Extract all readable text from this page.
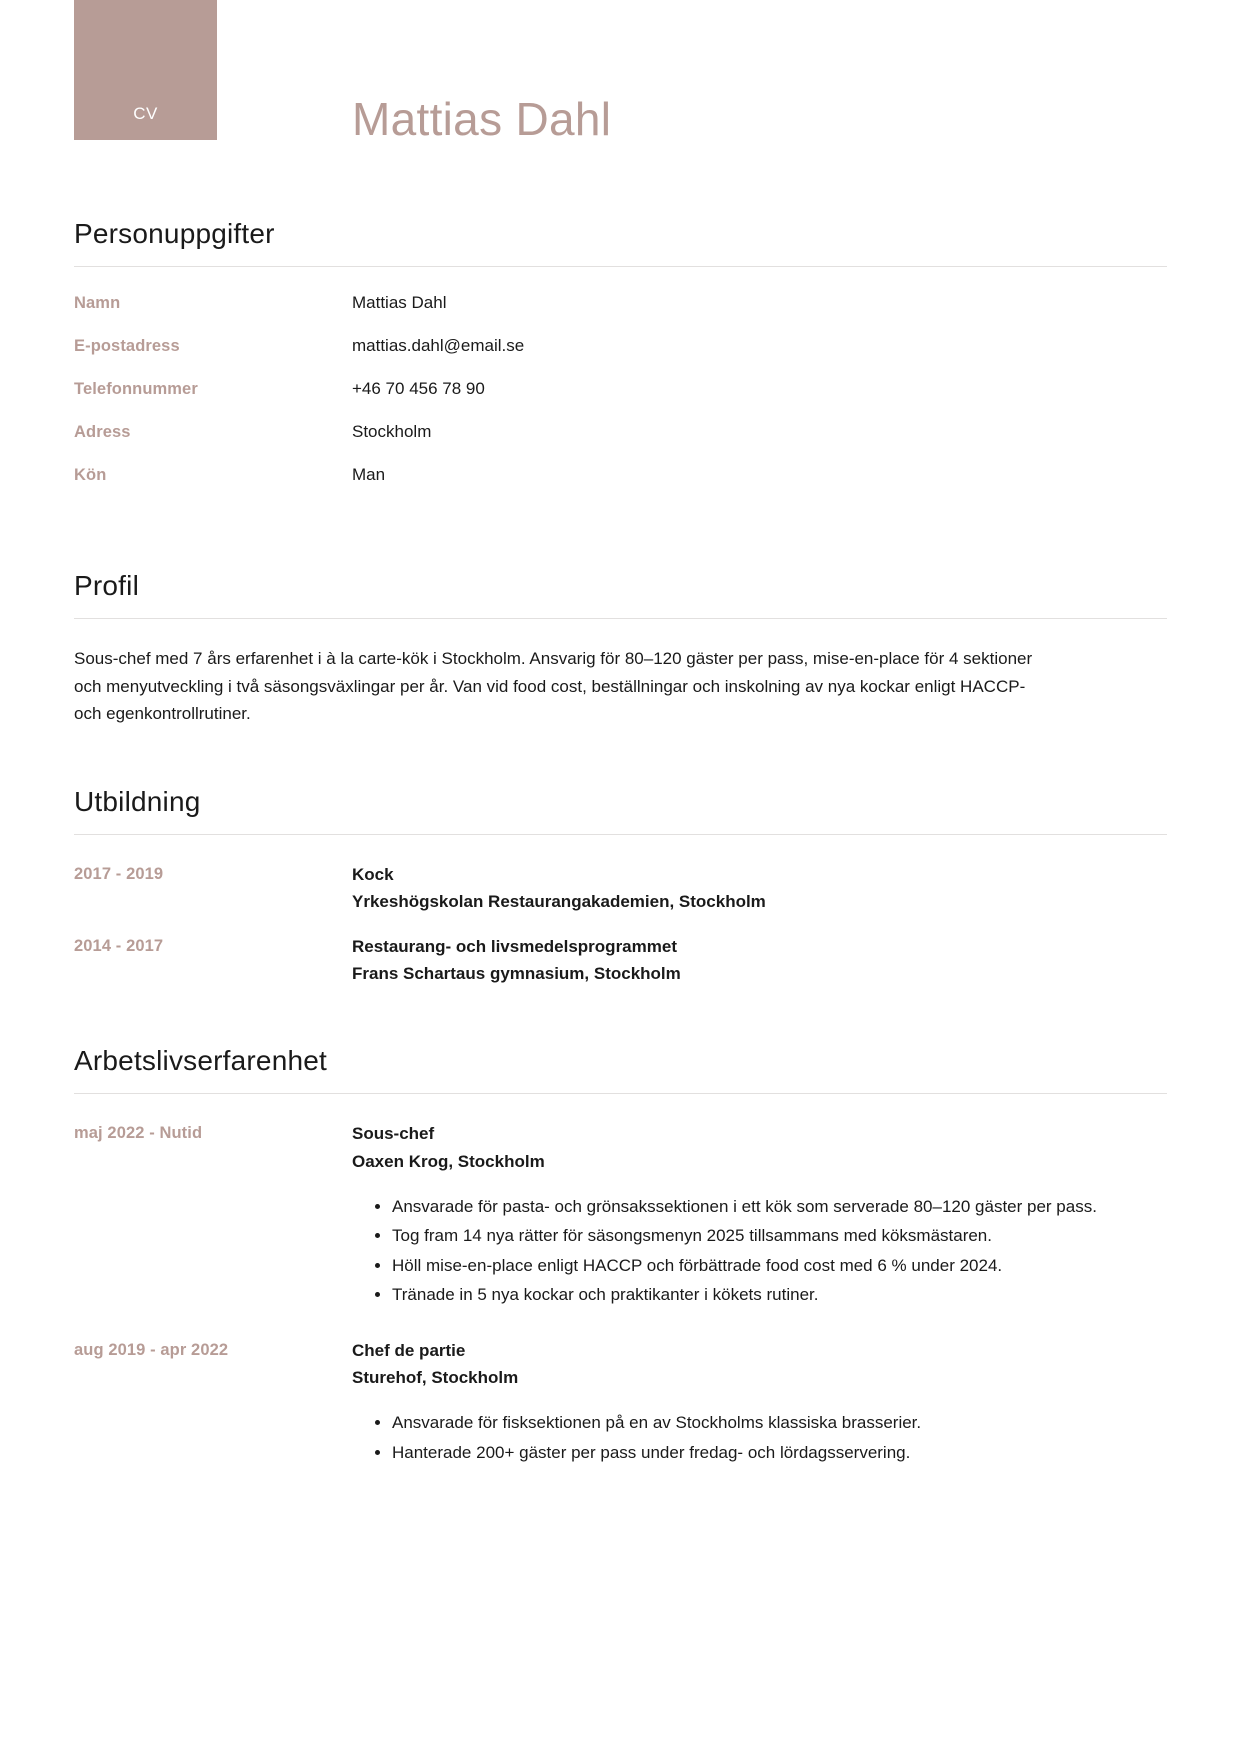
CV	Mattias Dahl
Personuppgifter
Namn	Mattias Dahl
E-postadress	mattias.dahl@email.se
Telefonnummer	+46 70 456 78 90
Adress	Stockholm
Kön	Man
Profil

Sous-chef med 7 års erfarenhet i à la carte-kök i Stockholm. Ansvarig för 80–120 gäster per pass, mise-en-place för 4 sektioner och menyutveckling i två säsongsväxlingar per år. Van vid food cost, beställningar och inskolning av nya kockar enligt HACCP- och egenkontrollrutiner.

Utbildning
2017 - 2019	Kock
Yrkeshögskolan Restaurangakademien, Stockholm
2014 - 2017	Restaurang- och livsmedelsprogrammet
Frans Schartaus gymnasium, Stockholm
Arbetslivserfarenhet
maj 2022 - Nutid	Sous-chef
Oaxen Krog, Stockholm
• Ansvarade för pasta- och grönsakssektionen i ett kök som serverade 80–120 gäster per pass.
• Tog fram 14 nya rätter för säsongsmenyn 2025 tillsammans med köksmästaren.
• Höll mise-en-place enligt HACCP och förbättrade food cost med 6 % under 2024.
• Tränade in 5 nya kockar och praktikanter i kökets rutiner.
aug 2019 - apr 2022	Chef de partie
Sturehof, Stockholm
• Ansvarade för fisksektionen på en av Stockholms klassiska brasserier.
• Hanterade 200+ gäster per pass under fredag- och lördagsservering.
